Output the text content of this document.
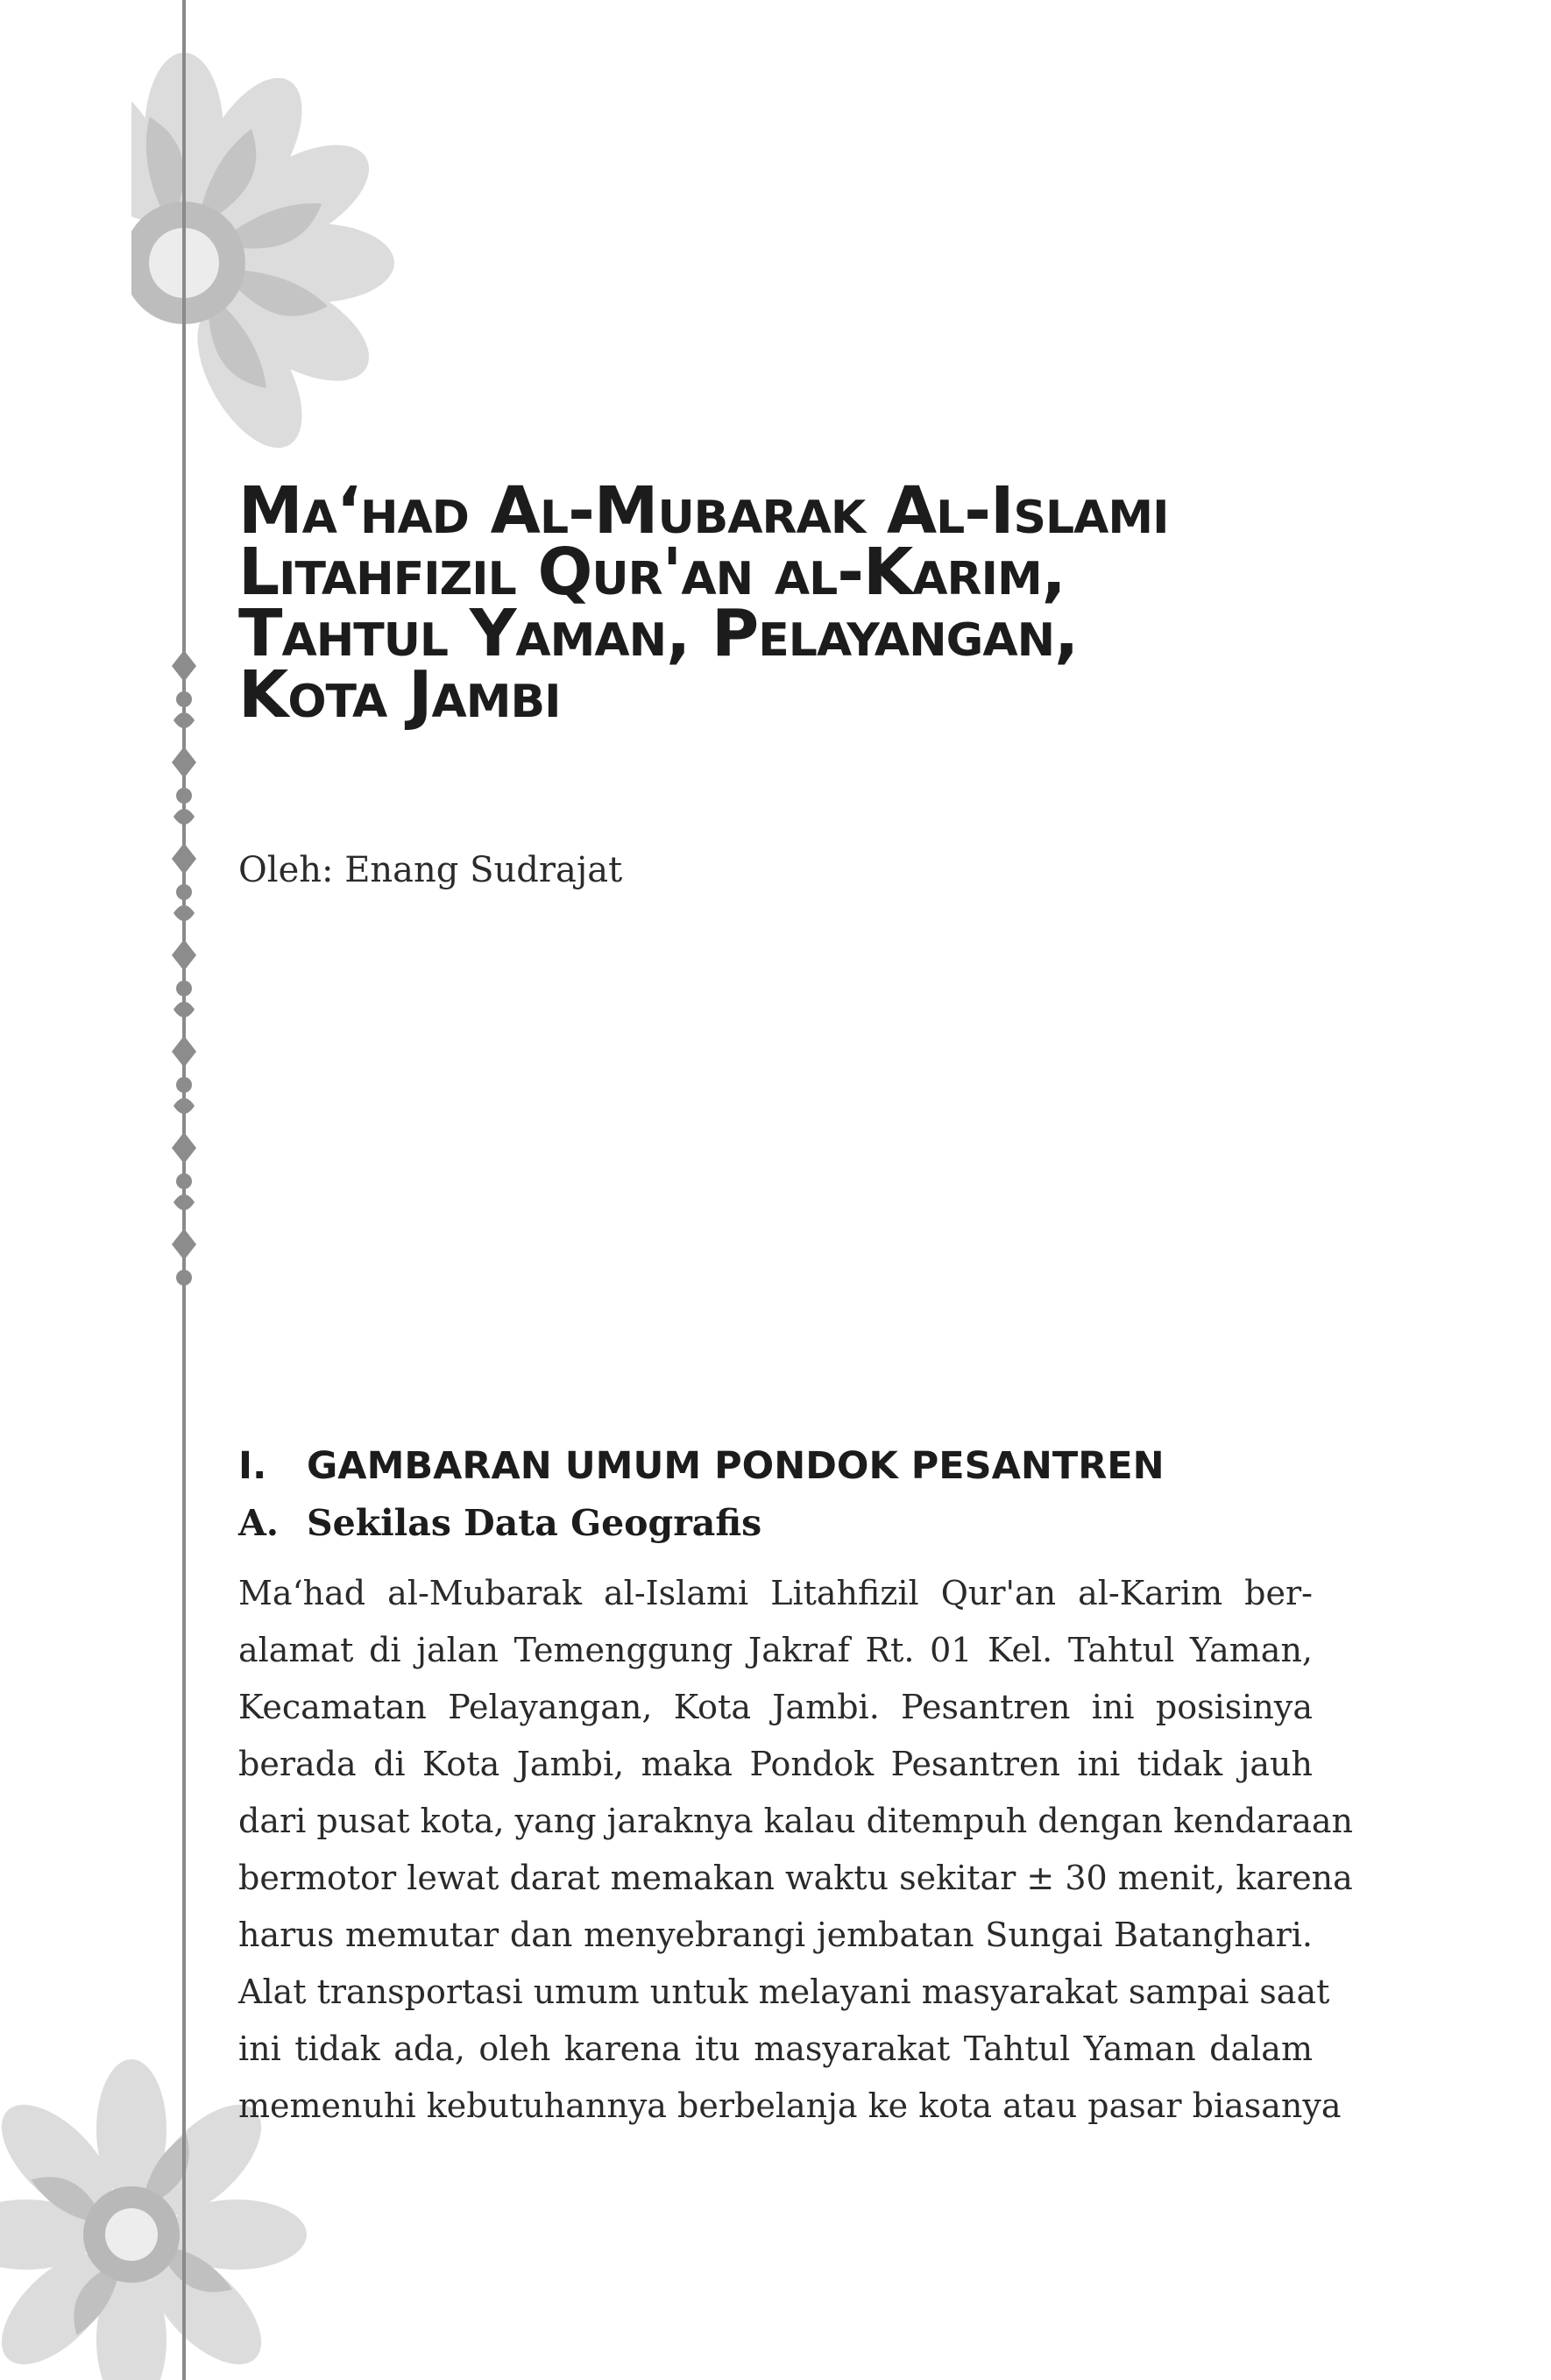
Ma‘had Al-Mubarak Al-Islami
Litahfizil Qur'an al-Karim,
Tahtul Yaman, Pelayangan,
Kota Jambi
Oleh: Enang Sudrajat
I. GAMBARAN UMUM PONDOK PESANTREN
A. Sekilas Data Geografis
Ma‘had al-Mubarak al-Islami Litahfizil Qur'an al-Karim ber-
alamat di jalan Temenggung Jakraf Rt. 01 Kel. Tahtul Yaman,
Kecamatan Pelayangan, Kota Jambi. Pesantren ini posisinya
berada di Kota Jambi, maka Pondok Pesantren ini tidak jauh
dari pusat kota, yang jaraknya kalau ditempuh dengan kendaraan
bermotor lewat darat memakan waktu sekitar ± 30 menit, karena
harus memutar dan menyebrangi jembatan Sungai Batanghari.
Alat transportasi umum untuk melayani masyarakat sampai saat
ini tidak ada, oleh karena itu masyarakat Tahtul Yaman dalam
memenuhi kebutuhannya berbelanja ke kota atau pasar biasanya
